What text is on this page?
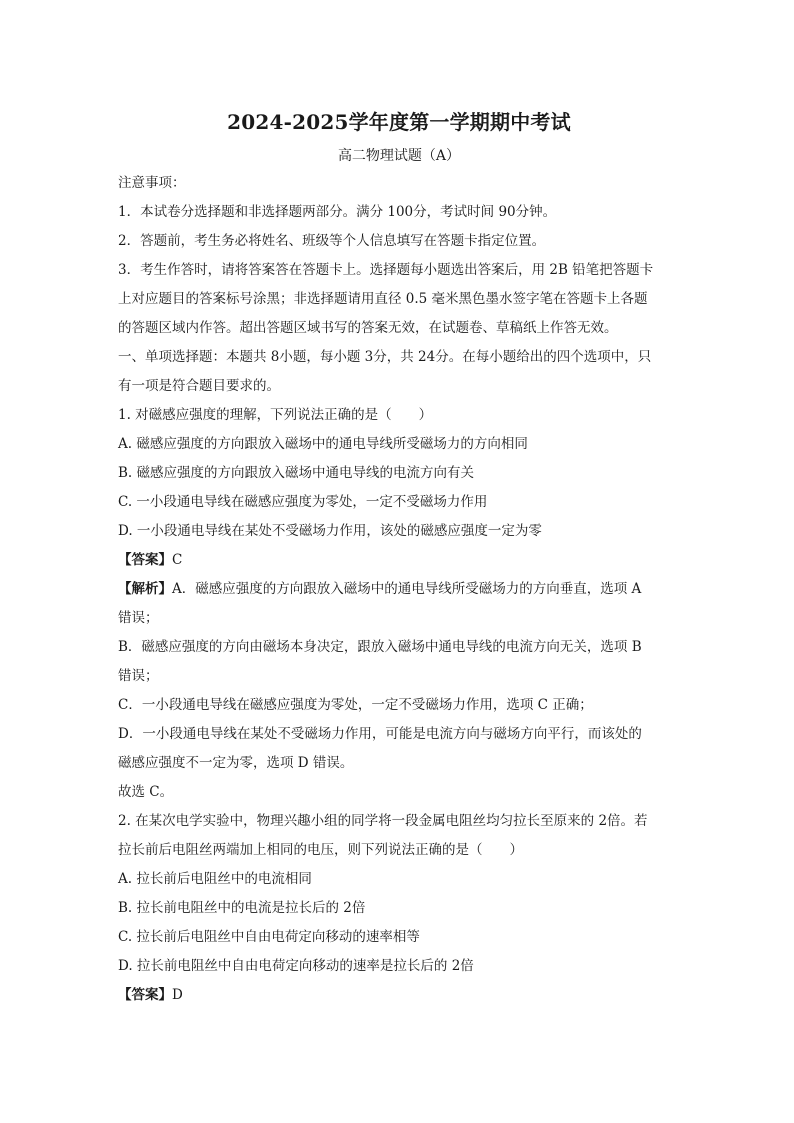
2024-2025学年度第一学期期中考试
高二物理试题（A）
注意事项：
1．本试卷分选择题和非选择题两部分。满分 100分，考试时间 90分钟。
2．答题前，考生务必将姓名、班级等个人信息填写在答题卡指定位置。
3．考生作答时，请将答案答在答题卡上。选择题每小题选出答案后，用 2B 铅笔把答题卡
上对应题目的答案标号涂黑；非选择题请用直径 0.5 毫米黑色墨水签字笔在答题卡上各题
的答题区域内作答。超出答题区域书写的答案无效，在试题卷、草稿纸上作答无效。
一、单项选择题：本题共 8小题，每小题 3分，共 24分。在每小题给出的四个选项中，只
有一项是符合题目要求的。
1. 对磁感应强度的理解，下列说法正确的是（　　）
A. 磁感应强度的方向跟放入磁场中的通电导线所受磁场力的方向相同
B. 磁感应强度的方向跟放入磁场中通电导线的电流方向有关
C. 一小段通电导线在磁感应强度为零处，一定不受磁场力作用
D. 一小段通电导线在某处不受磁场力作用，该处的磁感应强度一定为零
【答案】C
【解析】A．磁感应强度的方向跟放入磁场中的通电导线所受磁场力的方向垂直，选项 A
错误；
B．磁感应强度的方向由磁场本身决定，跟放入磁场中通电导线的电流方向无关，选项 B
错误；
C．一小段通电导线在磁感应强度为零处，一定不受磁场力作用，选项 C 正确；
D．一小段通电导线在某处不受磁场力作用，可能是电流方向与磁场方向平行，而该处的
磁感应强度不一定为零，选项 D 错误。
故选 C。
2. 在某次电学实验中，物理兴趣小组的同学将一段金属电阻丝均匀拉长至原来的 2倍。若
拉长前后电阻丝两端加上相同的电压，则下列说法正确的是（　　）
A. 拉长前后电阻丝中的电流相同
B. 拉长前电阻丝中的电流是拉长后的 2倍
C. 拉长前后电阻丝中自由电荷定向移动的速率相等
D. 拉长前电阻丝中自由电荷定向移动的速率是拉长后的 2倍
【答案】D
